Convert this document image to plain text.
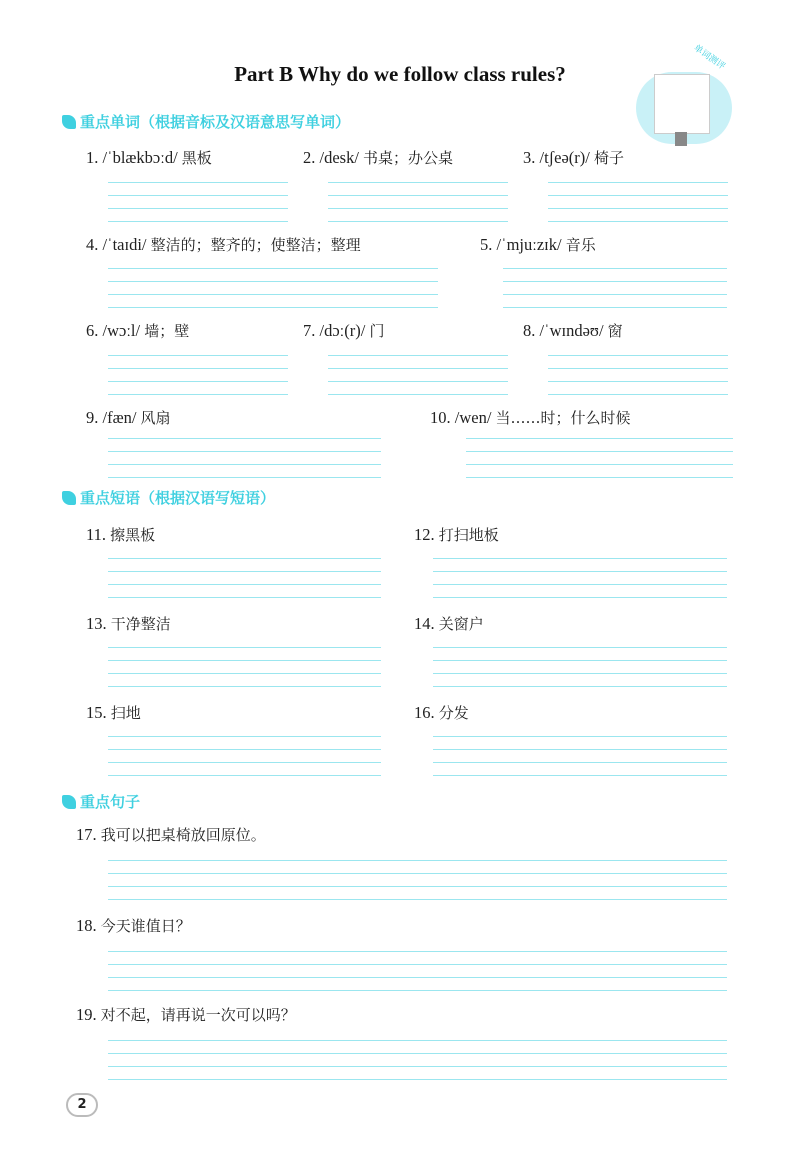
Part B Why do we follow class rules?
单词测评
重点单词（根据音标及汉语意思写单词）
重点短语（根据汉语写短语）
重点句子
2
1. /ˈblækbɔːd/ 黑板	2. /desk/ 书桌；办公桌	3. /tʃeə(r)/ 椅子
4. /ˈtaɪdi/ 整洁的；整齐的；使整洁；整理	5. /ˈmjuːzɪk/ 音乐
6. /wɔːl/ 墙；壁	7. /dɔː(r)/ 门	8. /ˈwɪndəʊ/ 窗
9. /fæn/ 风扇	10. /wen/ 当……时；什么时候
11. 擦黑板	12. 打扫地板
13. 干净整洁	14. 关窗户
15. 扫地	16. 分发
17. 我可以把桌椅放回原位。
18. 今天谁值日？
19. 对不起，请再说一次可以吗？
